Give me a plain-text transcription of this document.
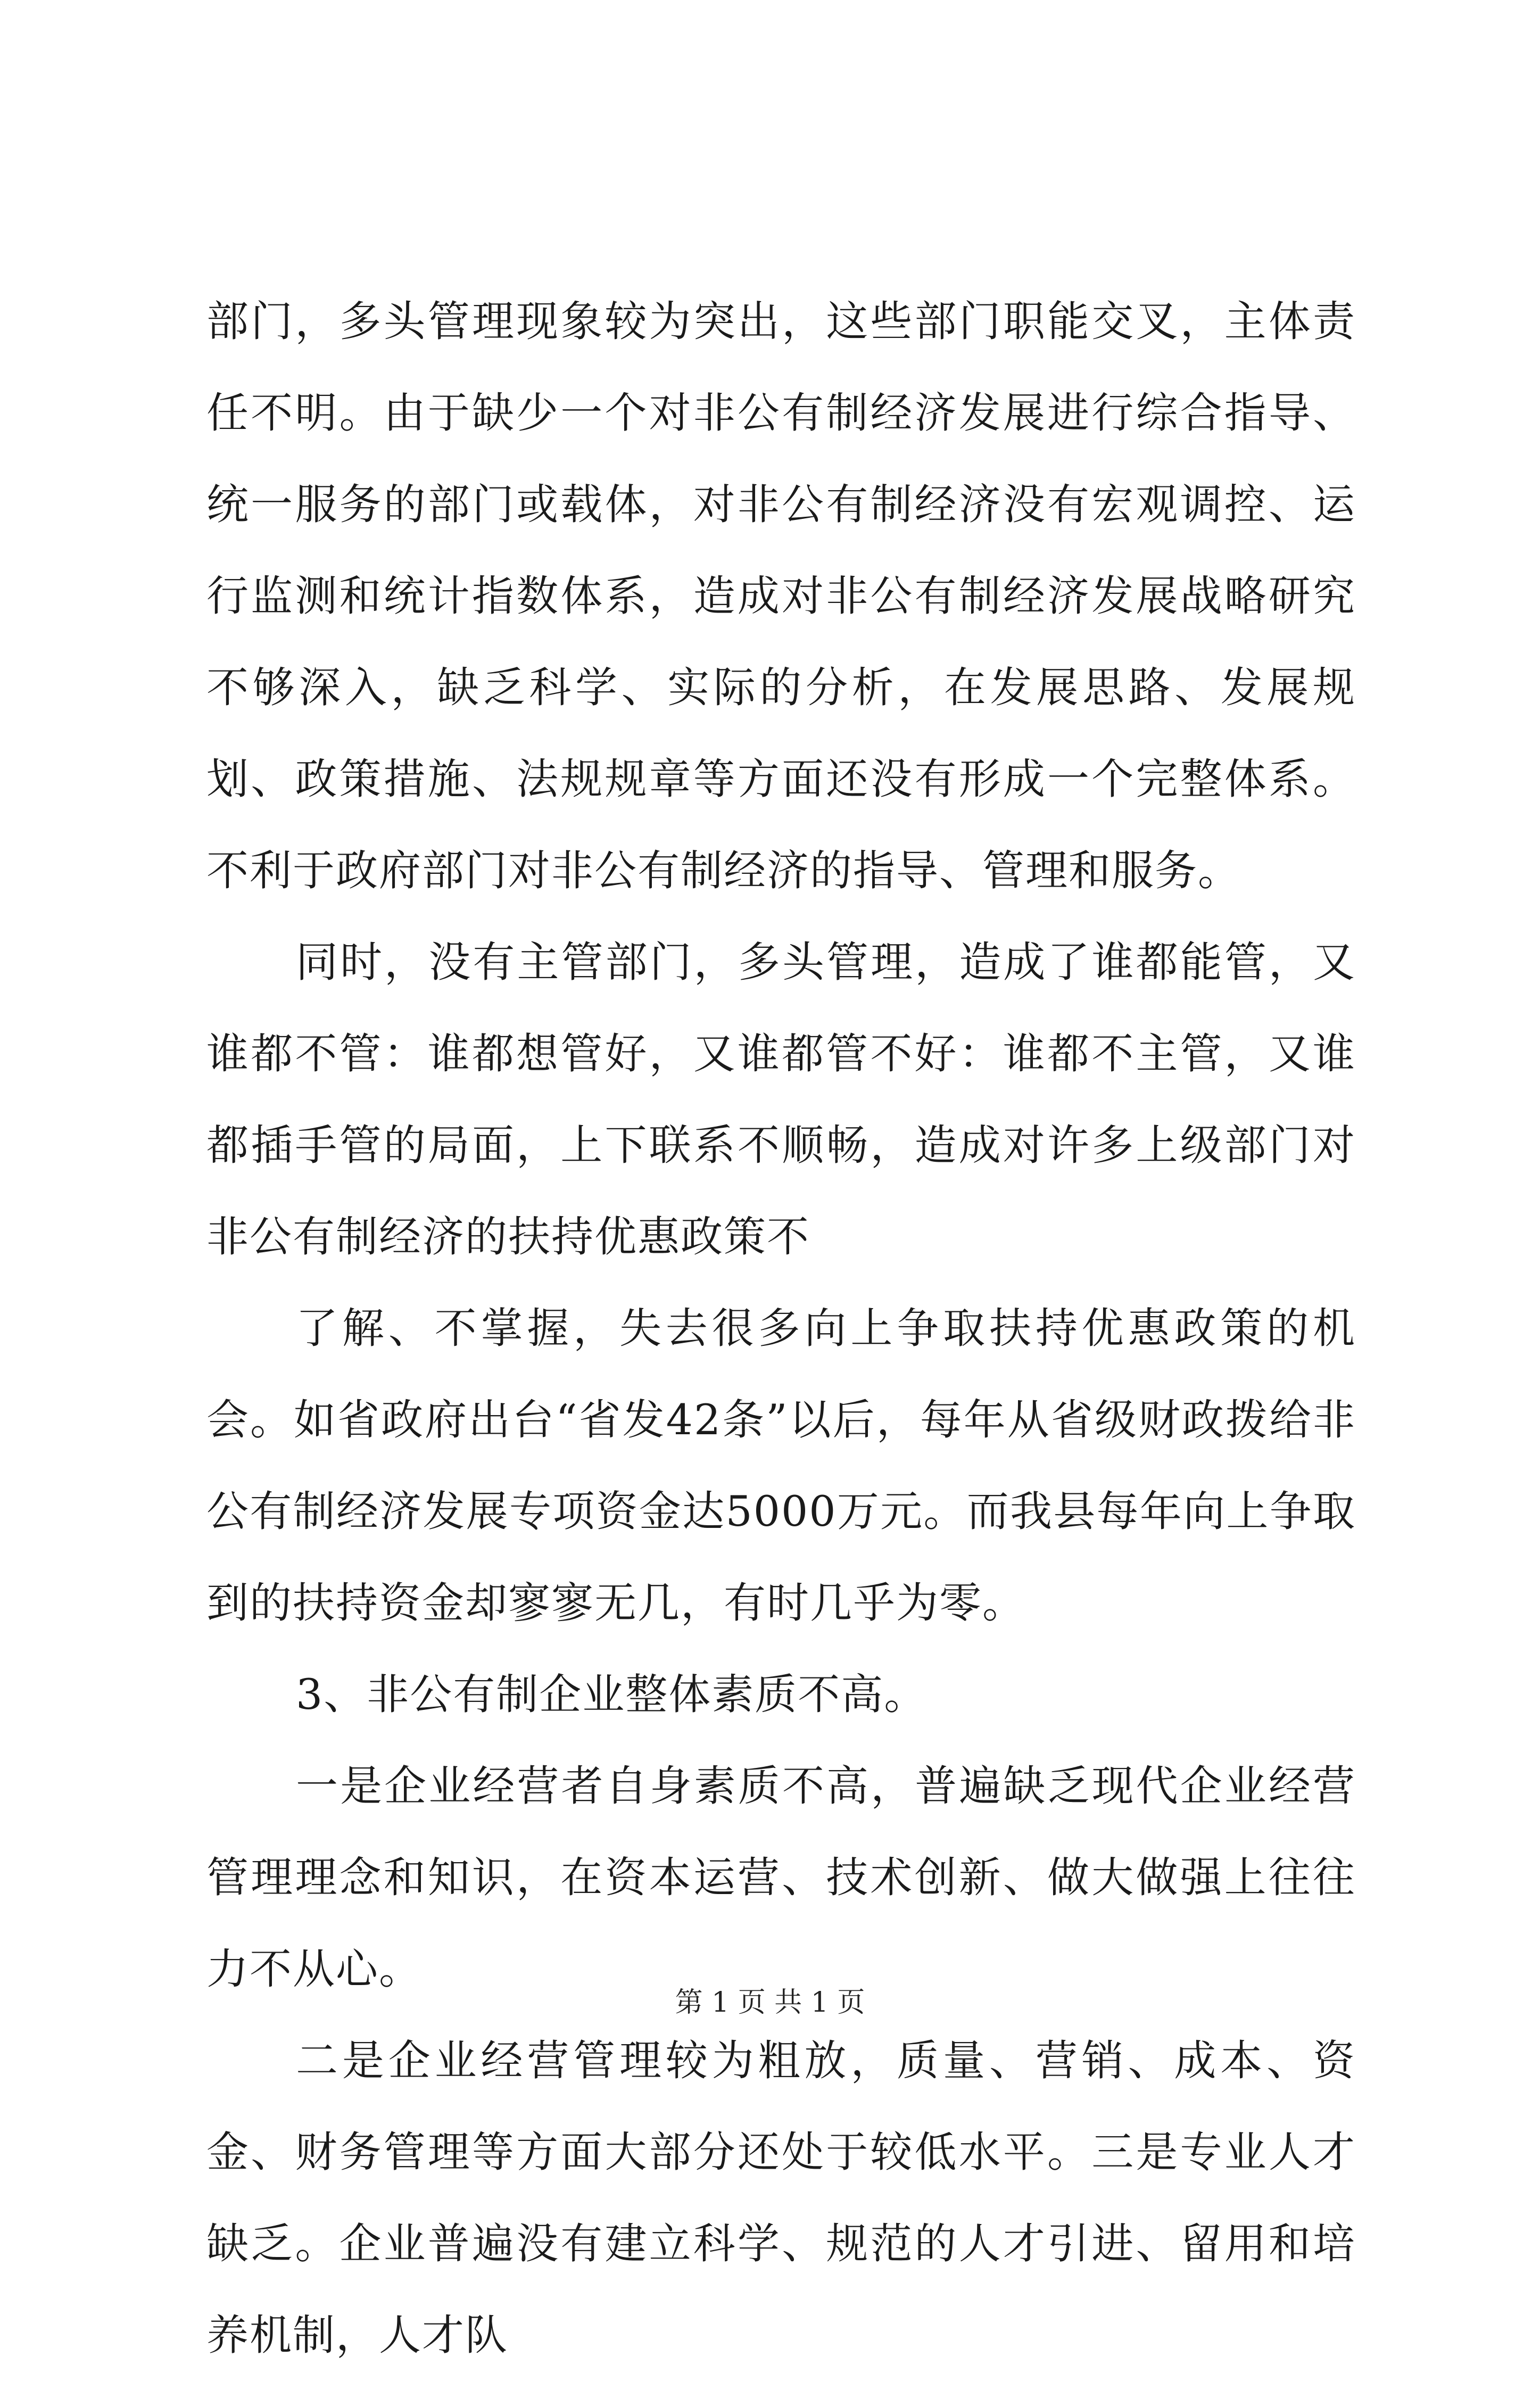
部门，多头管理现象较为突出，这些部门职能交叉，主体责任不明。由于缺少一个对非公有制经济发展进行综合指导、统一服务的部门或载体，对非公有制经济没有宏观调控、运行监测和统计指数体系，造成对非公有制经济发展战略研究不够深入，缺乏科学、实际的分析，在发展思路、发展规划、政策措施、法规规章等方面还没有形成一个完整体系。不利于政府部门对非公有制经济的指导、管理和服务。

同时，没有主管部门，多头管理，造成了谁都能管，又谁都不管：谁都想管好，又谁都管不好：谁都不主管，又谁都插手管的局面，上下联系不顺畅，造成对许多上级部门对非公有制经济的扶持优惠政策不

了解、不掌握，失去很多向上争取扶持优惠政策的机会。如省政府出台“省发42条”以后，每年从省级财政拨给非公有制经济发展专项资金达5000万元。而我县每年向上争取到的扶持资金却寥寥无几，有时几乎为零。

3、非公有制企业整体素质不高。

一是企业经营者自身素质不高，普遍缺乏现代企业经营管理理念和知识，在资本运营、技术创新、做大做强上往往力不从心。

二是企业经营管理较为粗放，质量、营销、成本、资金、财务管理等方面大部分还处于较低水平。三是专业人才缺乏。企业普遍没有建立科学、规范的人才引进、留用和培养机制，人才队

第 1 页 共 1 页
